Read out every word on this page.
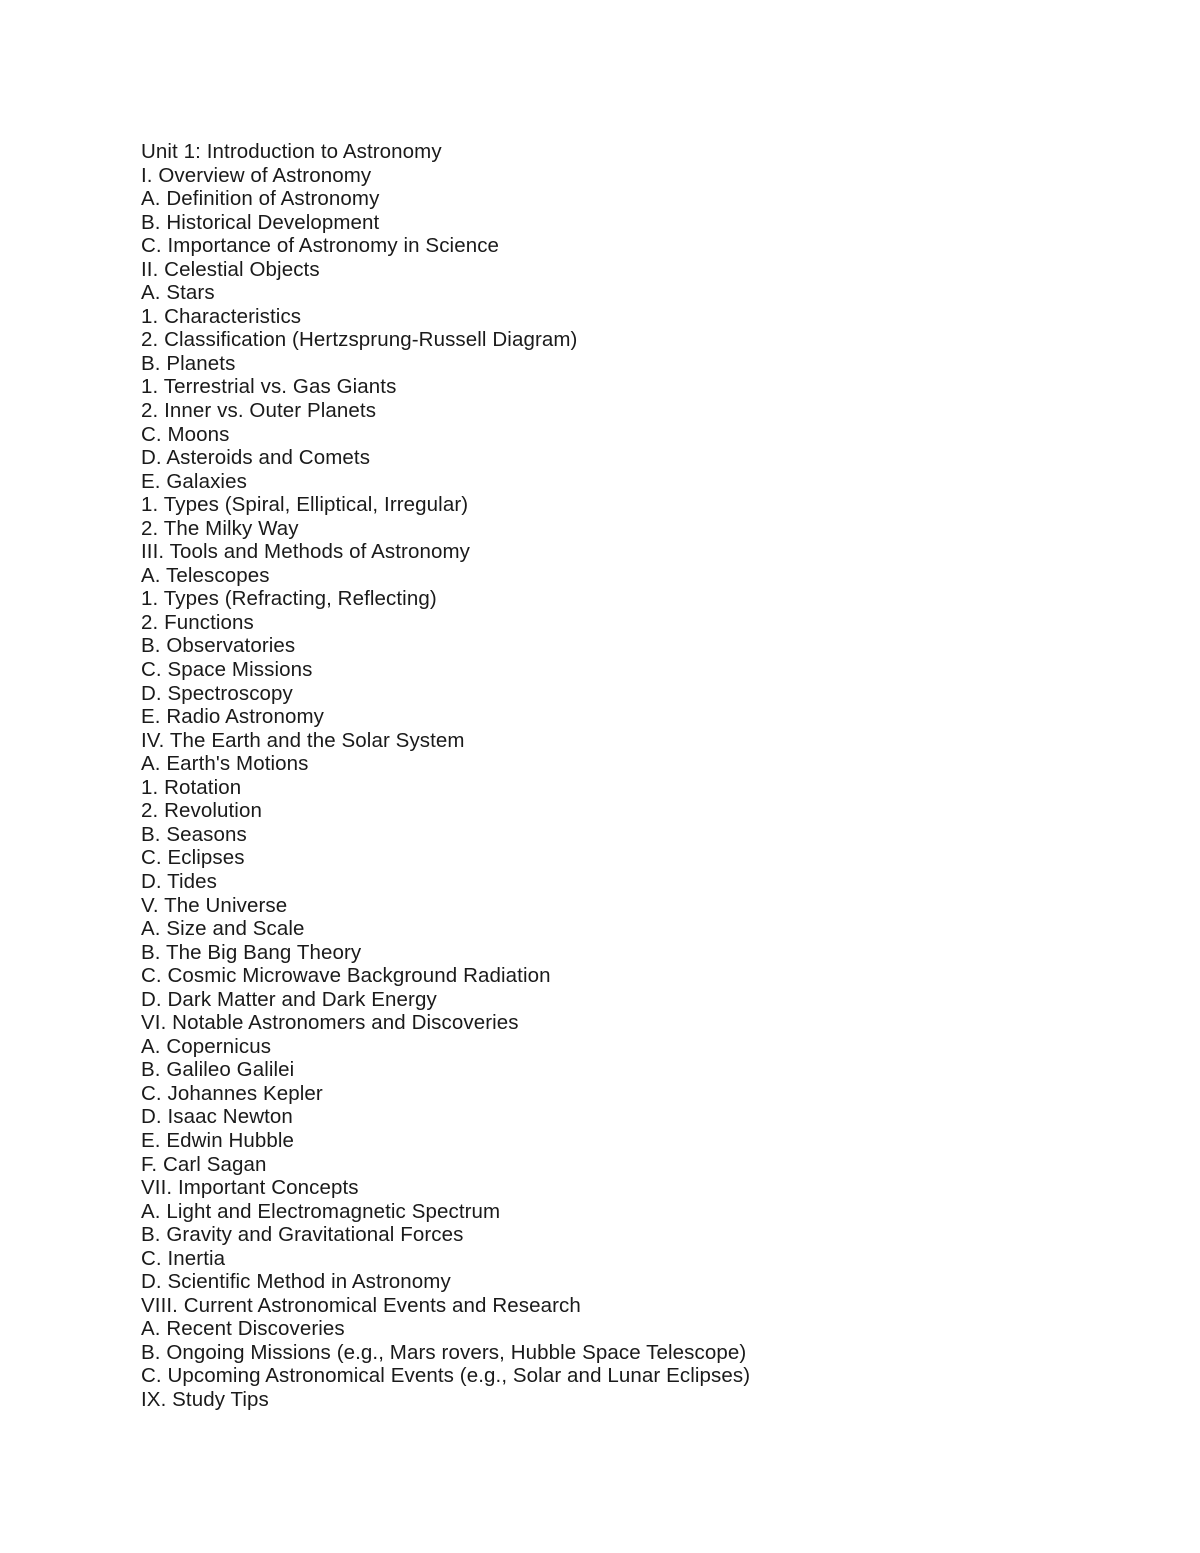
Unit 1: Introduction to Astronomy
I. Overview of Astronomy
A. Definition of Astronomy
B. Historical Development
C. Importance of Astronomy in Science
II. Celestial Objects
A. Stars
1. Characteristics
2. Classification (Hertzsprung-Russell Diagram)
B. Planets
1. Terrestrial vs. Gas Giants
2. Inner vs. Outer Planets
C. Moons
D. Asteroids and Comets
E. Galaxies
1. Types (Spiral, Elliptical, Irregular)
2. The Milky Way
III. Tools and Methods of Astronomy
A. Telescopes
1. Types (Refracting, Reflecting)
2. Functions
B. Observatories
C. Space Missions
D. Spectroscopy
E. Radio Astronomy
IV. The Earth and the Solar System
A. Earth's Motions
1. Rotation
2. Revolution
B. Seasons
C. Eclipses
D. Tides
V. The Universe
A. Size and Scale
B. The Big Bang Theory
C. Cosmic Microwave Background Radiation
D. Dark Matter and Dark Energy
VI. Notable Astronomers and Discoveries
A. Copernicus
B. Galileo Galilei
C. Johannes Kepler
D. Isaac Newton
E. Edwin Hubble
F. Carl Sagan
VII. Important Concepts
A. Light and Electromagnetic Spectrum
B. Gravity and Gravitational Forces
C. Inertia
D. Scientific Method in Astronomy
VIII. Current Astronomical Events and Research
A. Recent Discoveries
B. Ongoing Missions (e.g., Mars rovers, Hubble Space Telescope)
C. Upcoming Astronomical Events (e.g., Solar and Lunar Eclipses)
IX. Study Tips
